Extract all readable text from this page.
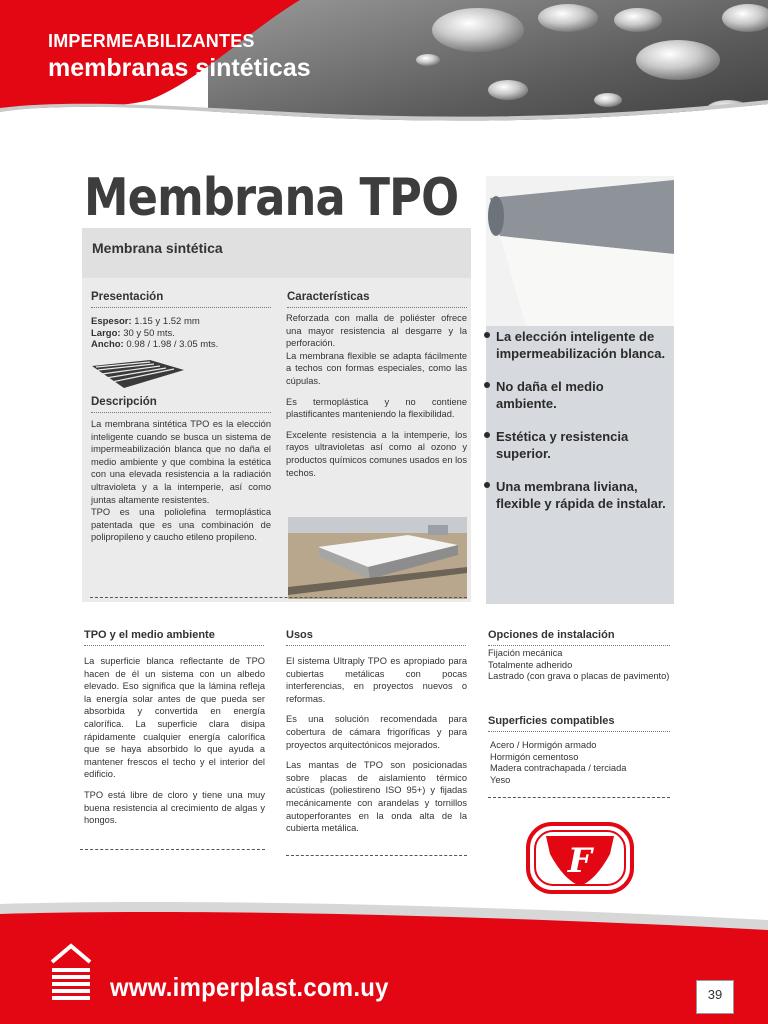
IMPERMEABILIZANTES
membranas sintéticas
Membrana TPO
Membrana sintética
Presentación
Espesor: 1.15 y 1.52 mm
Largo: 30 y 50 mts.
Ancho: 0.98 / 1.98 / 3.05 mts.
Descripción

La membrana sintética TPO es la elección inteligente cuando se busca un sistema de impermeabilización blanca que no daña el medio ambiente y que combina la estética con una elevada resistencia a la radiación ultravioleta y a la intemperie, así como juntas altamente resistentes.

TPO es una poliolefina termoplástica patentada que es una combinación de polipropileno y caucho etileno propileno.

Características

Reforzada con malla de poliéster ofrece una mayor resistencia al desgarre y la perforación.

La membrana flexible se adapta fácilmente a techos con formas especiales, como las cúpulas.

Es termoplástica y no contiene plastificantes manteniendo la flexibilidad.

Excelente resistencia a la intemperie, los rayos ultravioletas así como al ozono y productos químicos comunes usados en los techos.

La elección inteligente de impermeabilización blanca.
No daña el medio ambiente.
Estética y resistencia superior.
Una membrana liviana, flexible y rápida de instalar.
TPO y el medio ambiente

La superficie blanca reflectante de TPO hacen de él un sistema con un albedo elevado. Eso significa que la lámina refleja la energía solar antes de que pueda ser absorbida y convertida en energía calorífica. La superficie clara disipa rápidamente cualquier energía calorífica que se haya absorbido lo que ayuda a mantener frescos el techo y el interior del edificio.

TPO está libre de cloro y tiene una muy buena resistencia al crecimiento de algas y hongos.

Usos

El sistema Ultraply TPO es apropiado para cubiertas metálicas con pocas interferencias, en proyectos nuevos o reformas.

Es una solución recomendada para cobertura de cámara frigoríficas y para proyectos arquitectónicos mejorados.

Las mantas de TPO son posicionadas sobre placas de aislamiento térmico acústicas (poliestireno ISO 95+) y fijadas mecánicamente con arandelas y tornillos autoperforantes en la onda alta de la cubierta metálica.

Opciones de instalación
Fijación mecánica
Totalmente adherido
Lastrado (con grava o placas de pavimento)
Superficies compatibles
Acero / Hormigón armado
Hormigón cementoso
Madera contrachapada / terciada
Yeso
F
www.imperplast.com.uy	39
